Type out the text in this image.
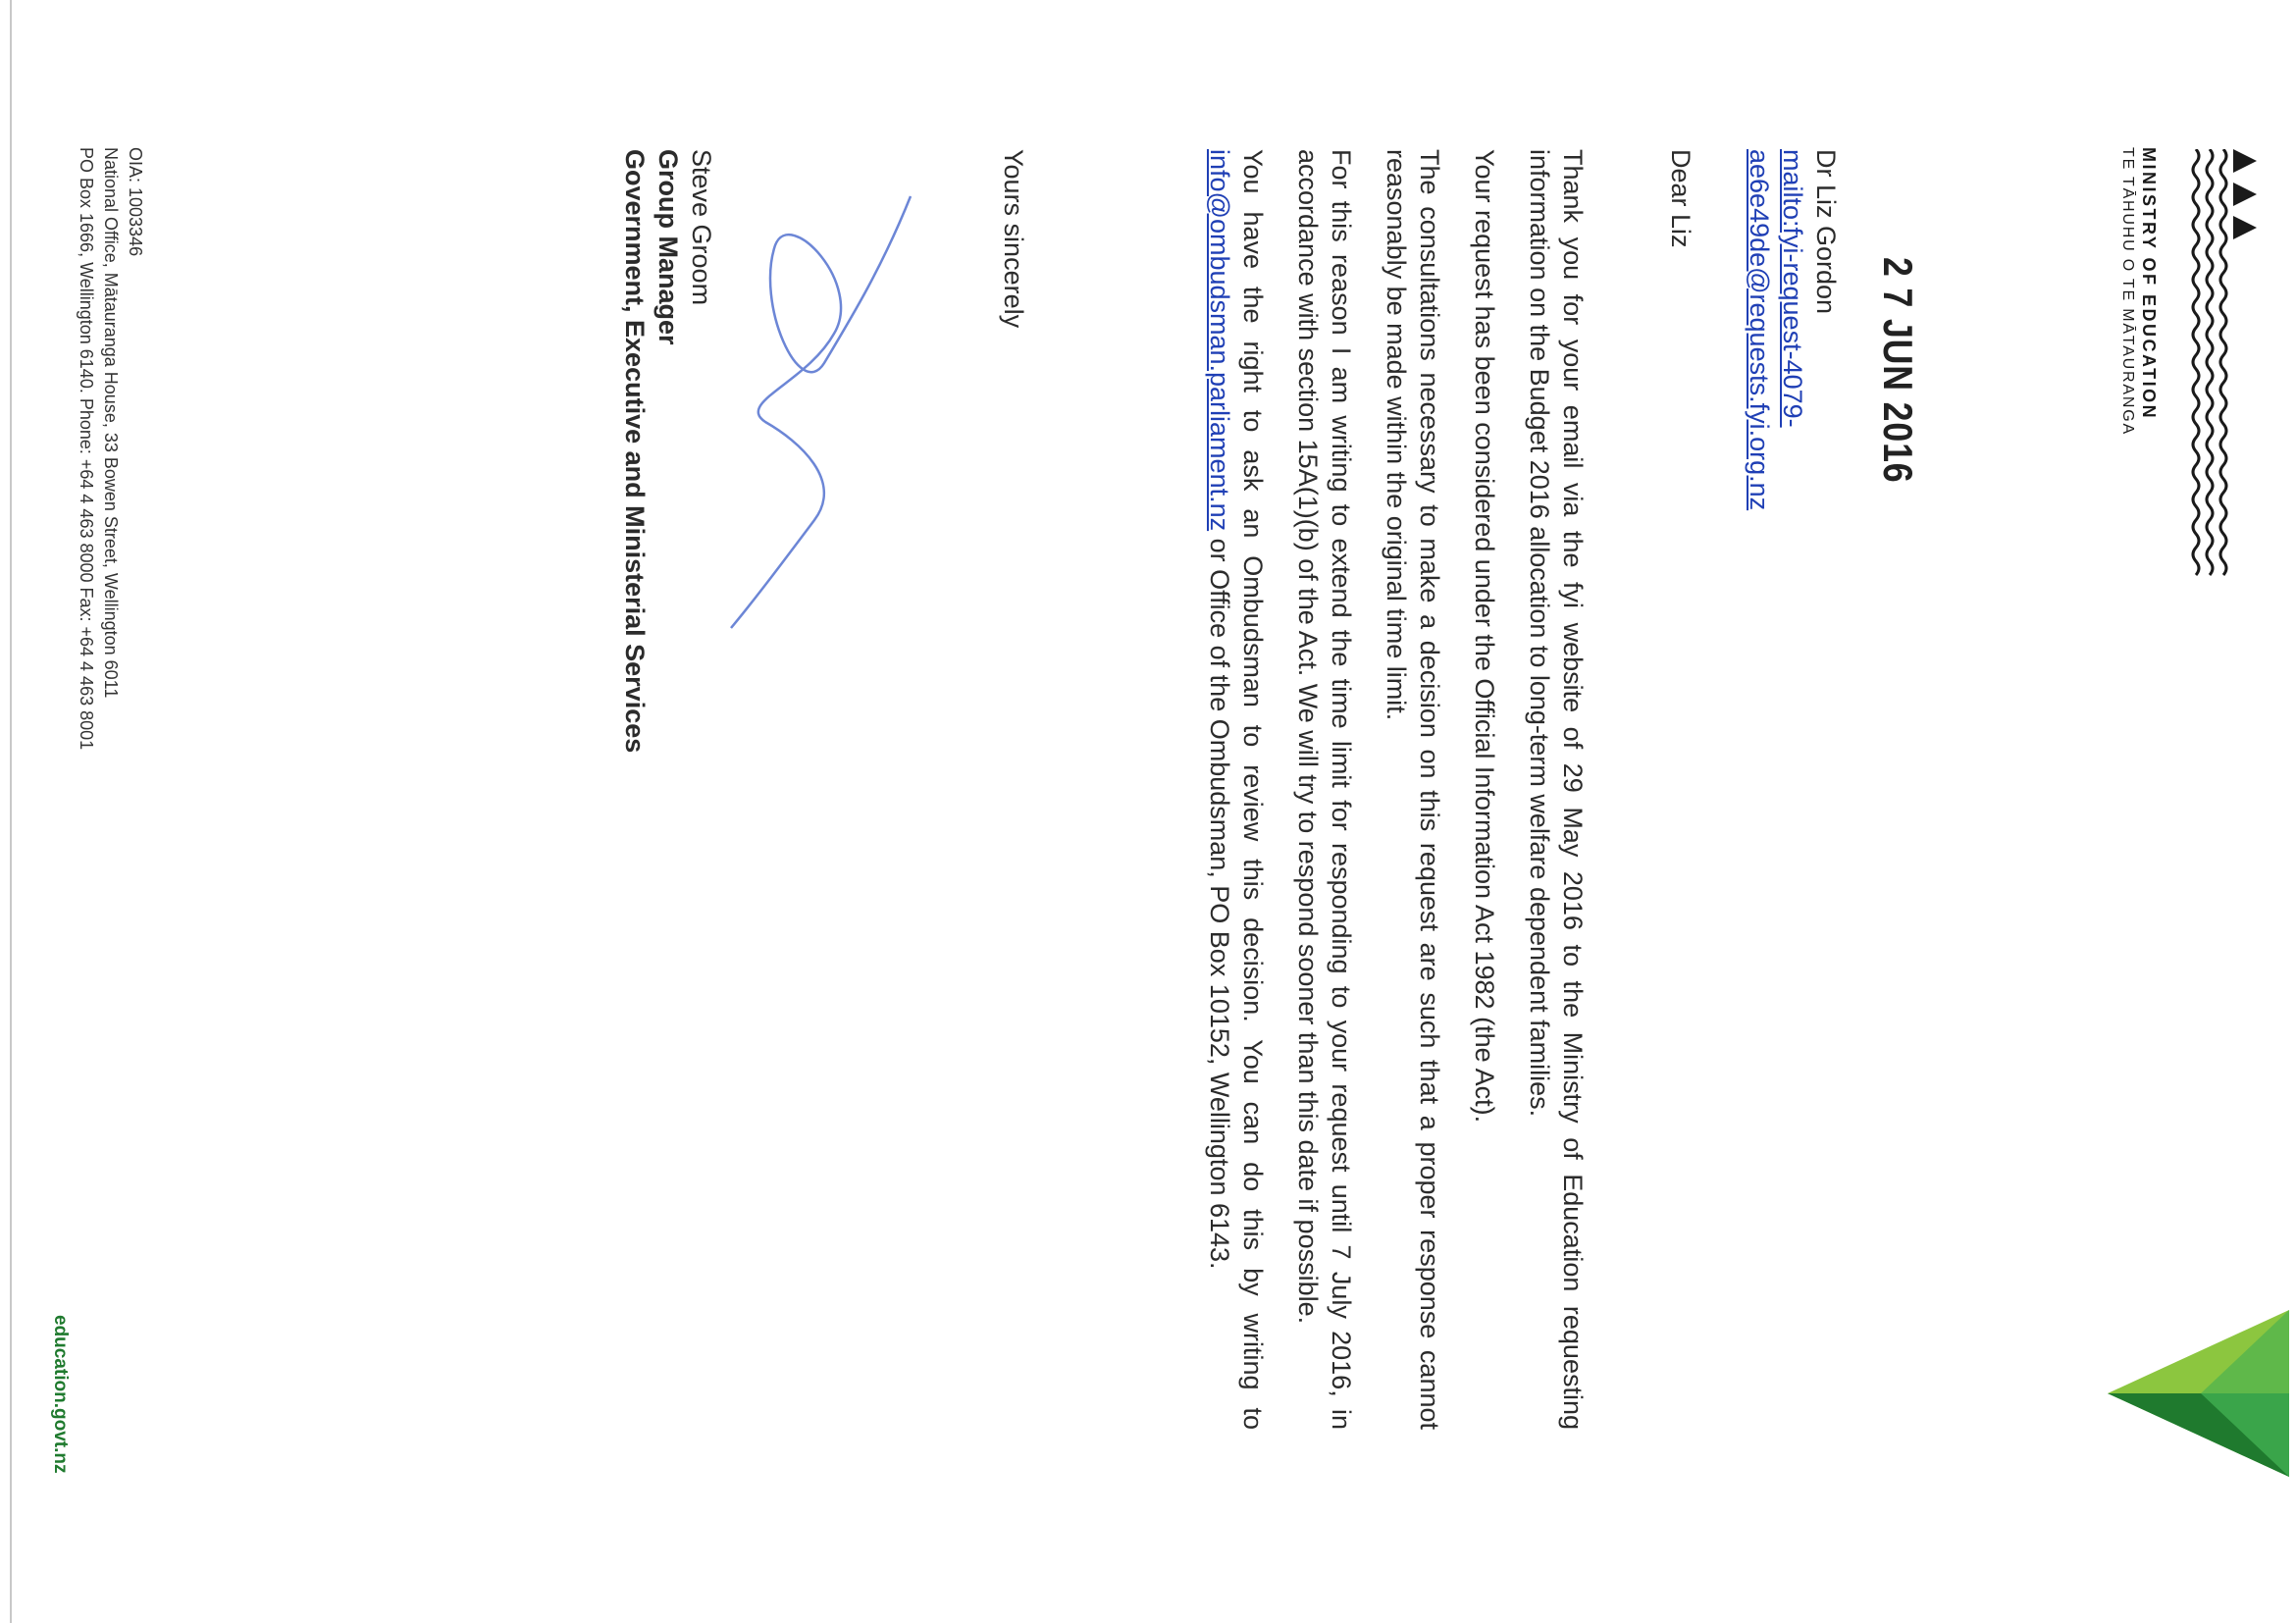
MINISTRY OF EDUCATION
TE TĀHUHU O TE MĀTAURANGA
2 7 JUN 2016
Dr Liz Gordon
mailto:fyi-request-4079-
ae6e49de@requests.fyi.org.nz
Dear Liz

Thank you for your email via the fyi website of 29 May 2016 to the Ministry of Education requesting information on the Budget 2016 allocation to long-term welfare dependent families.

Your request has been considered under the Official Information Act 1982 (the Act).

The consultations necessary to make a decision on this request are such that a proper response cannot reasonably be made within the original time limit.

For this reason I am writing to extend the time limit for responding to your request until 7 July 2016, in accordance with section 15A(1)(b) of the Act. We will try to respond sooner than this date if possible.

You have the right to ask an Ombudsman to review this decision. You can do this by writing to info@ombudsman.parliament.nz or Office of the Ombudsman, PO Box 10152, Wellington 6143.

Yours sincerely
Steve Groom
Group Manager
Government, Executive and Ministerial Services
OIA: 1003346
National Office, Mātauranga House, 33 Bowen Street, Wellington 6011
PO Box 1666, Wellington 6140. Phone: +64 4 463 8000 Fax: +64 4 463 8001
education.govt.nz
